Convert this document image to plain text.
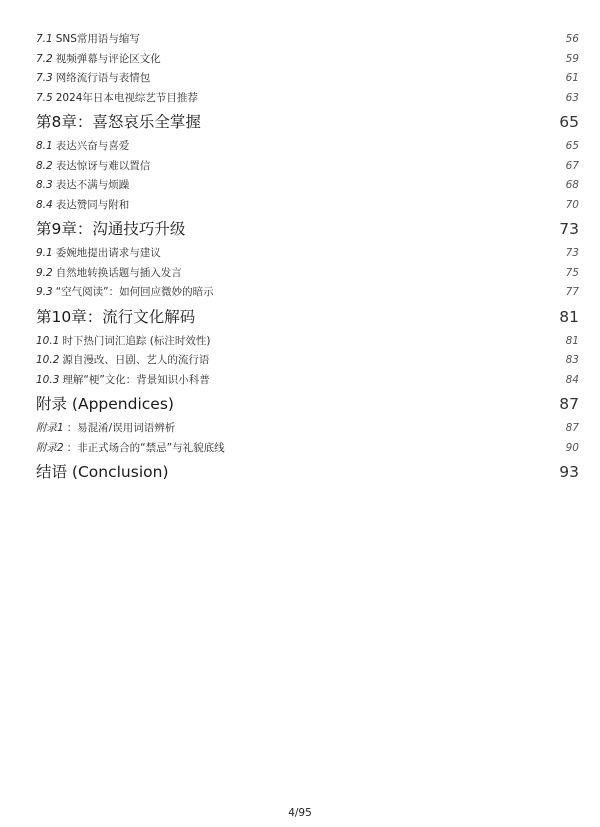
7.1 SNS常用语与缩写	56
7.2 视频弹幕与评论区文化	59
7.3 网络流行语与表情包	61
7.5 2024年日本电视综艺节目推荐	63
第8章：喜怒哀乐全掌握	65
8.1 表达兴奋与喜爱	65
8.2 表达惊讶与难以置信	67
8.3 表达不满与烦躁	68
8.4 表达赞同与附和	70
第9章：沟通技巧升级	73
9.1 委婉地提出请求与建议	73
9.2 自然地转换话题与插入发言	75
9.3 “空气阅读”：如何回应微妙的暗示	77
第10章：流行文化解码	81
10.1 时下热门词汇追踪 (标注时效性)	81
10.2 源自漫改、日剧、艺人的流行语	83
10.3 理解“梗”文化：背景知识小科普	84
附录 (Appendices)	87
附录1 ：易混淆/误用词语辨析	87
附录2 ：非正式场合的“禁忌”与礼貌底线	90
结语 (Conclusion)	93
4/95
